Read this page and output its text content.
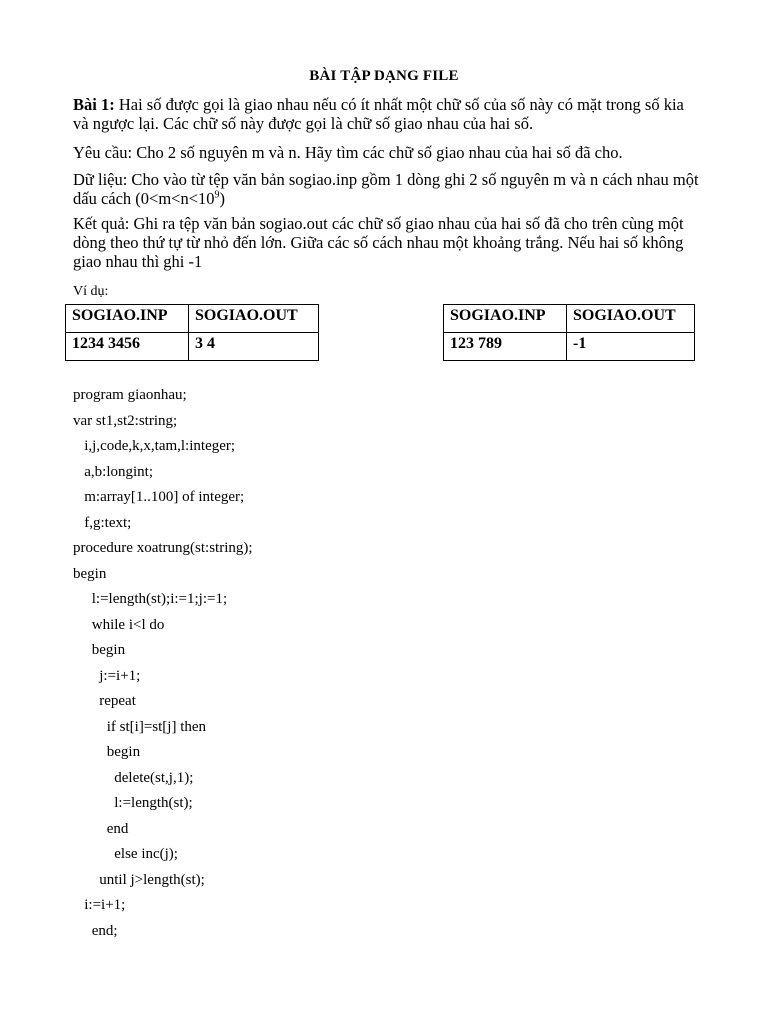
BÀI TẬP DẠNG FILE
Bài 1: Hai số được gọi là giao nhau nếu có ít nhất một chữ số của số này có mặt trong số kia và ngược lại. Các chữ số này được gọi là chữ số giao nhau của hai số.
Yêu cầu: Cho 2 số nguyên m và n. Hãy tìm các chữ số giao nhau của hai số đã cho.
Dữ liệu: Cho vào từ tệp văn bản sogiao.inp gồm 1 dòng ghi 2 số nguyên m và n cách nhau một dấu cách $(0<m<n<10^9)$
Kết quả: Ghi ra tệp văn bản sogiao.out các chữ số giao nhau của hai số đã cho trên cùng một dòng theo thứ tự từ nhỏ đến lớn. Giữa các số cách nhau một khoảng trắng. Nếu hai số không giao nhau thì ghi -1
Ví dụ:
SOGIAO.INP	SOGIAO.OUT
1234 3456	3 4
SOGIAO.INP	SOGIAO.OUT
123 789	-1
program giaonhau;
var st1,st2:string;
i,j,code,k,x,tam,l:integer;
a,b:longint;
m:array[1..100] of integer;
f,g:text;
procedure xoatrung(st:string);
begin
l:=length(st);i:=1;j:=1;
while i<l do
begin
j:=i+1;
repeat
if st[i]=st[j] then
begin
delete(st,j,1);
l:=length(st);
end
else inc(j);
until j>length(st);
i:=i+1;
end;
